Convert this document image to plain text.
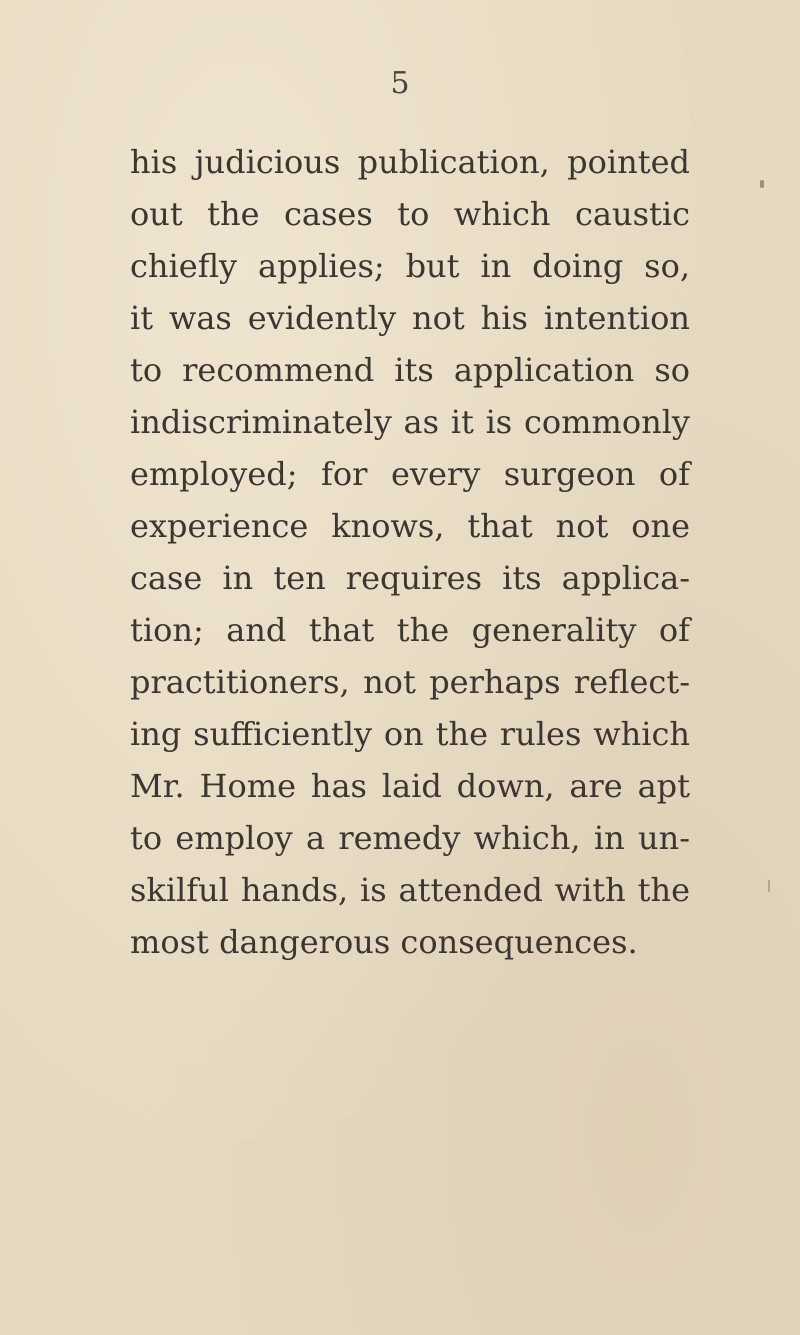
5
his judicious publication, pointed
out the cases to which caustic
chiefly applies; but in doing so,
it was evidently not his intention
to recommend its application so
indiscriminately as it is commonly
employed; for every surgeon of
experience knows, that not one
case in ten requires its applica-
tion; and that the generality of
practitioners, not perhaps reflect-
ing sufficiently on the rules which
Mr. Home has laid down, are apt
to employ a remedy which, in un-
skilful hands, is attended with the
most dangerous consequences.
